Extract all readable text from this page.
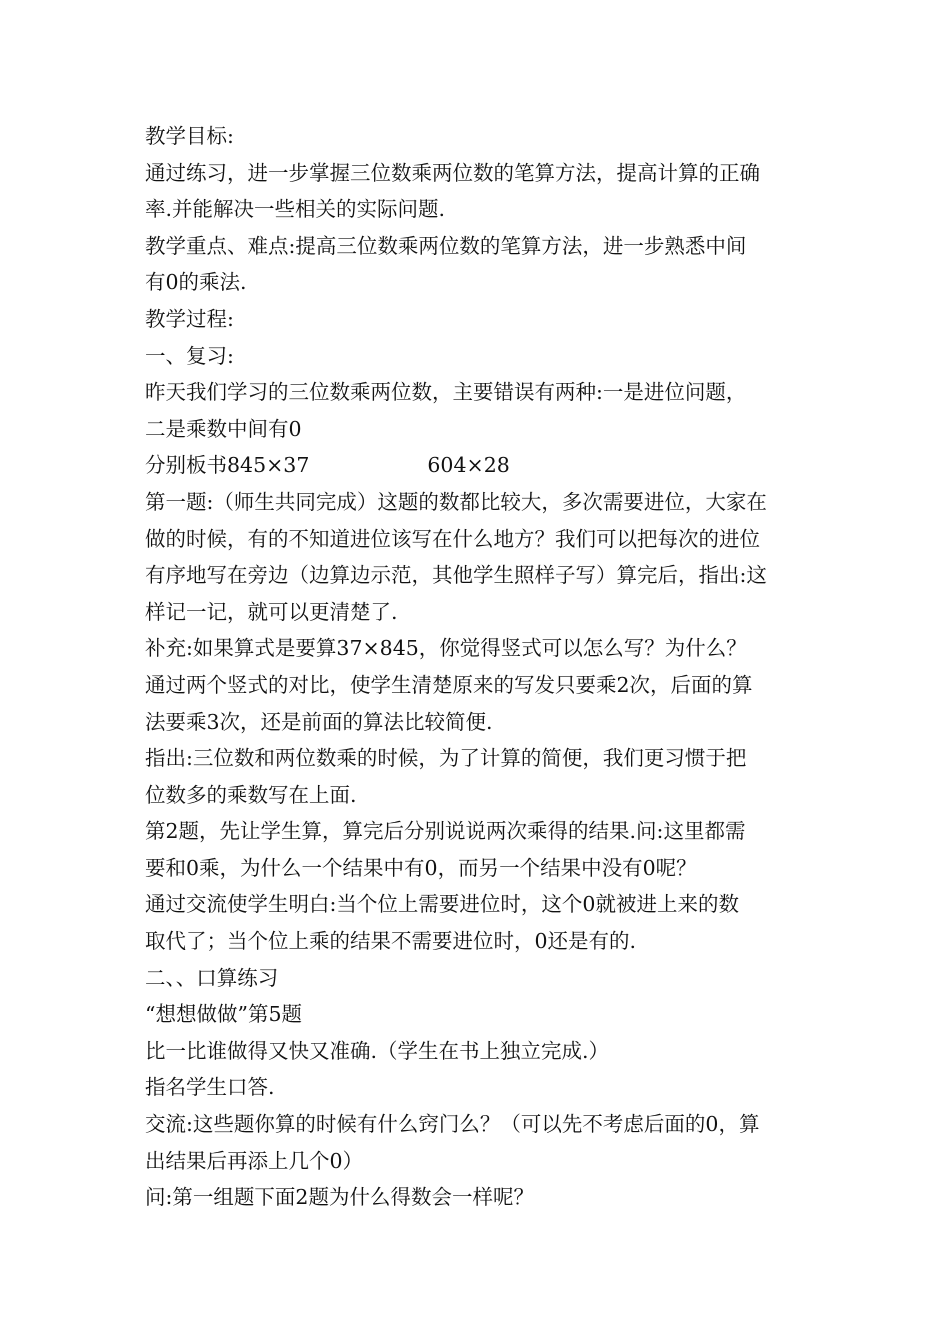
教学目标:
通过练习，进一步掌握三位数乘两位数的笔算方法，提高计算的正确
率.并能解决一些相关的实际问题.
教学重点、难点:提高三位数乘两位数的笔算方法，进一步熟悉中间
有0的乘法.
教学过程:
一、复习:
昨天我们学习的三位数乘两位数，主要错误有两种:一是进位问题，
二是乘数中间有0
分别板书845×37	604×28
第一题:（师生共同完成）这题的数都比较大，多次需要进位，大家在
做的时候，有的不知道进位该写在什么地方？我们可以把每次的进位
有序地写在旁边（边算边示范，其他学生照样子写）算完后，指出:这
样记一记，就可以更清楚了.
补充:如果算式是要算37×845，你觉得竖式可以怎么写？为什么？
通过两个竖式的对比，使学生清楚原来的写发只要乘2次，后面的算
法要乘3次，还是前面的算法比较简便.
指出:三位数和两位数乘的时候，为了计算的简便，我们更习惯于把
位数多的乘数写在上面.
第2题，先让学生算，算完后分别说说两次乘得的结果.问:这里都需
要和0乘，为什么一个结果中有0，而另一个结果中没有0呢？
通过交流使学生明白:当个位上需要进位时，这个0就被进上来的数
取代了；当个位上乘的结果不需要进位时，0还是有的.
二、、口算练习
“想想做做”第5题
比一比谁做得又快又准确.（学生在书上独立完成.）
指名学生口答.
交流:这些题你算的时候有什么窍门么？（可以先不考虑后面的0，算
出结果后再添上几个0）
问:第一组题下面2题为什么得数会一样呢？
